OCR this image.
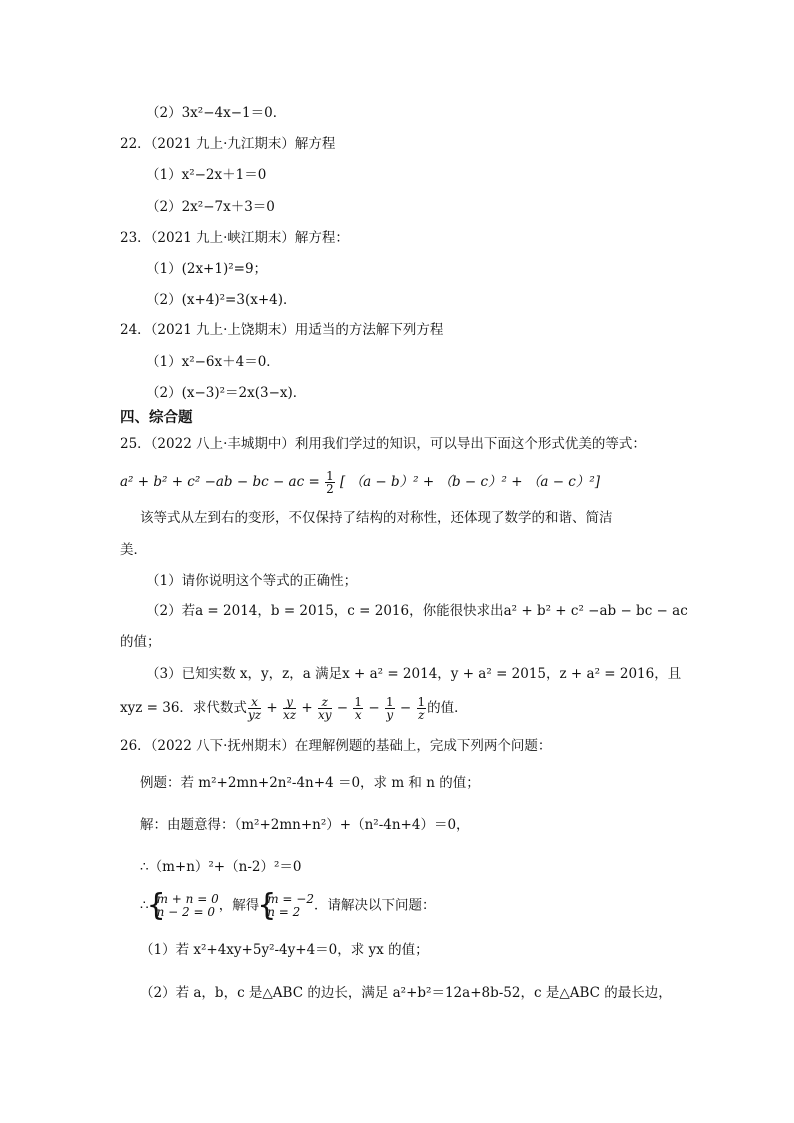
（2）3x²−4x−1＝0．
22．（2021 九上·九江期末）解方程
（1）x²−2x＋1＝0
（2）2x²−7x＋3＝0
23．（2021 九上·峡江期末）解方程：
（1）(2x+1)²=9；
（2）(x+4)²=3(x+4)．
24．（2021 九上·上饶期末）用适当的方法解下列方程
（1）x²−6x＋4＝0．
（2）(x−3)²＝2x(3−x)．
四、综合题
25．（2022 八上·丰城期中）利用我们学过的知识，可以导出下面这个形式优美的等式：
a² + b² + c² −ab − bc − ac = $\frac{1}{2}$ [ （a − b）² + （b − c）² + （a − c）²]
该等式从左到右的变形，不仅保持了结构的对称性，还体现了数学的和谐、简洁
美．
（1）请你说明这个等式的正确性；
（2）若a = 2014，b = 2015，c = 2016，你能很快求出a² + b² + c² −ab − bc − ac
的值；
（3）已知实数 x，y，z，a 满足x + a² = 2014，y + a² = 2015，z + a² = 2016，且
xyz = 36．求代数式 $\frac{x}{yz} + \frac{y}{xz} + \frac{z}{xy} - \frac{1}{x} - \frac{1}{y} - \frac{1}{z}$ 的值．
26．（2022 八下·抚州期末）在理解例题的基础上，完成下列两个问题：
例题：若 m²+2mn+2n²-4n+4 ＝0，求 m 和 n 的值；
解：由题意得：（m²+2mn+n²）+（n²-4n+4）＝0，
∴（m+n）²+（n-2）²＝0
∴ { m + n = 0
n − 2 = 0 ，解得 { m = −2
n = 2	．请解决以下问题：
（1）若 x²+4xy+5y²-4y+4＝0，求 yx 的值；
（2）若 a，b，c 是△ABC 的边长，满足 a²+b²＝12a+8b-52，c 是△ABC 的最长边，
